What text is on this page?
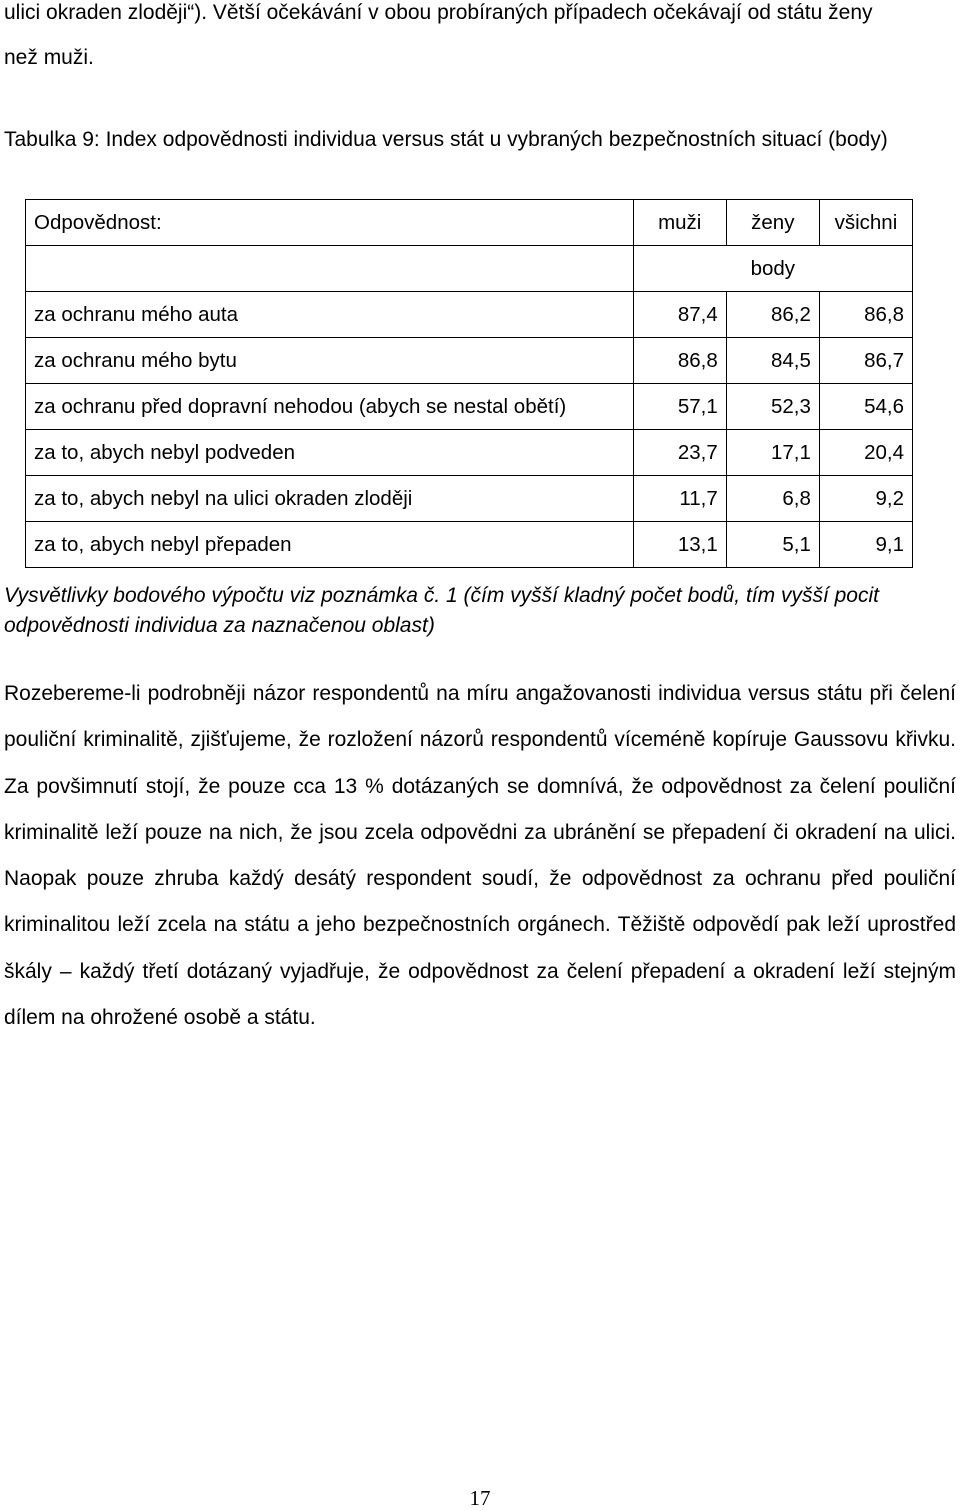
ulici okraden zloději“). Větší očekávání v obou probíraných případech očekávají od státu ženy
než muži.
Tabulka 9: Index odpovědnosti individua versus stát u vybraných bezpečnostních situací (body)
Odpovědnost:	muži	ženy	všichni
	body		
za ochranu mého auta	87,4	86,2	86,8
za ochranu mého bytu	86,8	84,5	86,7
za ochranu před dopravní nehodou (abych se nestal obětí)	57,1	52,3	54,6
za to, abych nebyl podveden	23,7	17,1	20,4
za to, abych nebyl na ulici okraden zloději	11,7	6,8	9,2
za to, abych nebyl přepaden	13,1	5,1	9,1
Vysvětlivky bodového výpočtu viz poznámka č. 1 (čím vyšší kladný počet bodů, tím vyšší pocit odpovědnosti individua za naznačenou oblast)
Rozebereme-li podrobněji názor respondentů na míru angažovanosti individua versus státu při čelení pouliční kriminalitě, zjišťujeme, že rozložení názorů respondentů víceméně kopíruje Gaussovu křivku. Za povšimnutí stojí, že pouze cca 13 % dotázaných se domnívá, že odpovědnost za čelení pouliční kriminalitě leží pouze na nich, že jsou zcela odpovědni za ubránění se přepadení či okradení na ulici. Naopak pouze zhruba každý desátý respondent soudí, že odpovědnost za ochranu před pouliční kriminalitou leží zcela na státu a jeho bezpečnostních orgánech. Těžiště odpovědí pak leží uprostřed škály – každý třetí dotázaný vyjadřuje, že odpovědnost za čelení přepadení a okradení leží stejným dílem na ohrožené osobě a státu.
17
